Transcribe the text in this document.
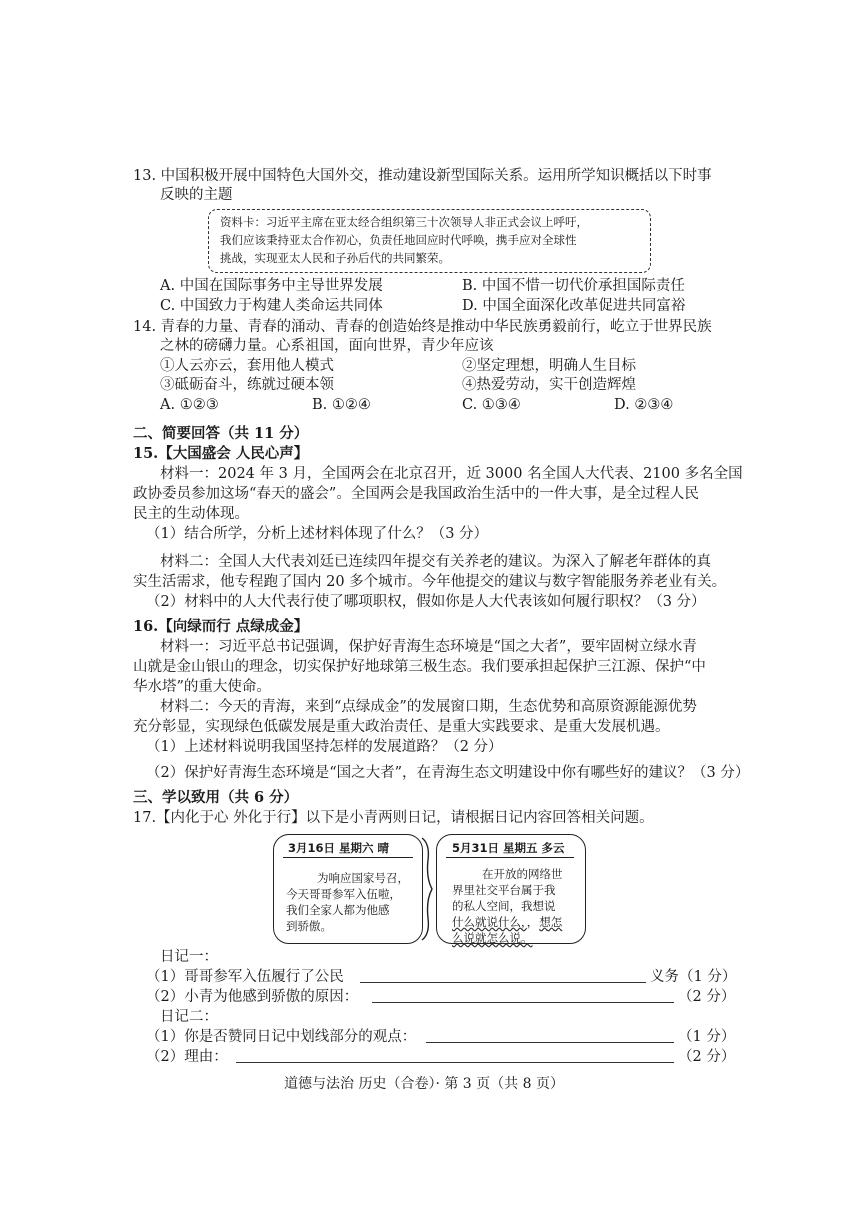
13. 中国积极开展中国特色大国外交，推动建设新型国际关系。运用所学知识概括以下时事
反映的主题
资料卡：习近平主席在亚太经合组织第三十次领导人非正式会议上呼吁，
我们应该秉持亚太合作初心，负责任地回应时代呼唤，携手应对全球性
挑战，实现亚太人民和子孙后代的共同繁荣。
A. 中国在国际事务中主导世界发展	B. 中国不惜一切代价承担国际责任
C. 中国致力于构建人类命运共同体	D. 中国全面深化改革促进共同富裕
14. 青春的力量、青春的涌动、青春的创造始终是推动中华民族勇毅前行，屹立于世界民族
之林的磅礴力量。心系祖国，面向世界，青少年应该
①人云亦云，套用他人模式	②坚定理想，明确人生目标
③砥砺奋斗，练就过硬本领	④热爱劳动，实干创造辉煌
A. ①②③	B. ①②④	C. ①③④	D. ②③④
二、简要回答（共 11 分）
15.【大国盛会 人民心声】
材料一：2024 年 3 月，全国两会在北京召开，近 3000 名全国人大代表、2100 多名全国
政协委员参加这场“春天的盛会”。全国两会是我国政治生活中的一件大事，是全过程人民
民主的生动体现。
（1）结合所学，分析上述材料体现了什么？（3 分）
材料二：全国人大代表刘廷已连续四年提交有关养老的建议。为深入了解老年群体的真
实生活需求，他专程跑了国内 20 多个城市。今年他提交的建议与数字智能服务养老业有关。
（2）材料中的人大代表行使了哪项职权，假如你是人大代表该如何履行职权？（3 分）
16.【向绿而行 点绿成金】
材料一：习近平总书记强调，保护好青海生态环境是“国之大者”，要牢固树立绿水青
山就是金山银山的理念，切实保护好地球第三极生态。我们要承担起保护三江源、保护“中
华水塔”的重大使命。
材料二：今天的青海，来到“点绿成金”的发展窗口期，生态优势和高原资源能源优势
充分彰显，实现绿色低碳发展是重大政治责任、是重大实践要求、是重大发展机遇。
（1）上述材料说明我国坚持怎样的发展道路？（2 分）
（2）保护好青海生态环境是“国之大者”，在青海生态文明建设中你有哪些好的建议？（3 分）
三、学以致用（共 6 分）
17.【内化于心 外化于行】以下是小青两则日记，请根据日记内容回答相关问题。
3月16日 星期六 晴
为响应国家号召，
今天哥哥参军入伍啦，
我们全家人都为他感
到骄傲。
5月31日 星期五 多云
在开放的网络世
界里社交平台属于我
的私人空间，我想说
什么就说什么，，想怎
么说就怎么说。
日记一：
（1）哥哥参军入伍履行了公民	义务（1 分）
（2）小青为他感到骄傲的原因：	（2 分）
日记二：
（1）你是否赞同日记中划线部分的观点：	（1 分）
（2）理由：	（2 分）
道德与法治 历史（合卷）· 第 3 页（共 8 页）
